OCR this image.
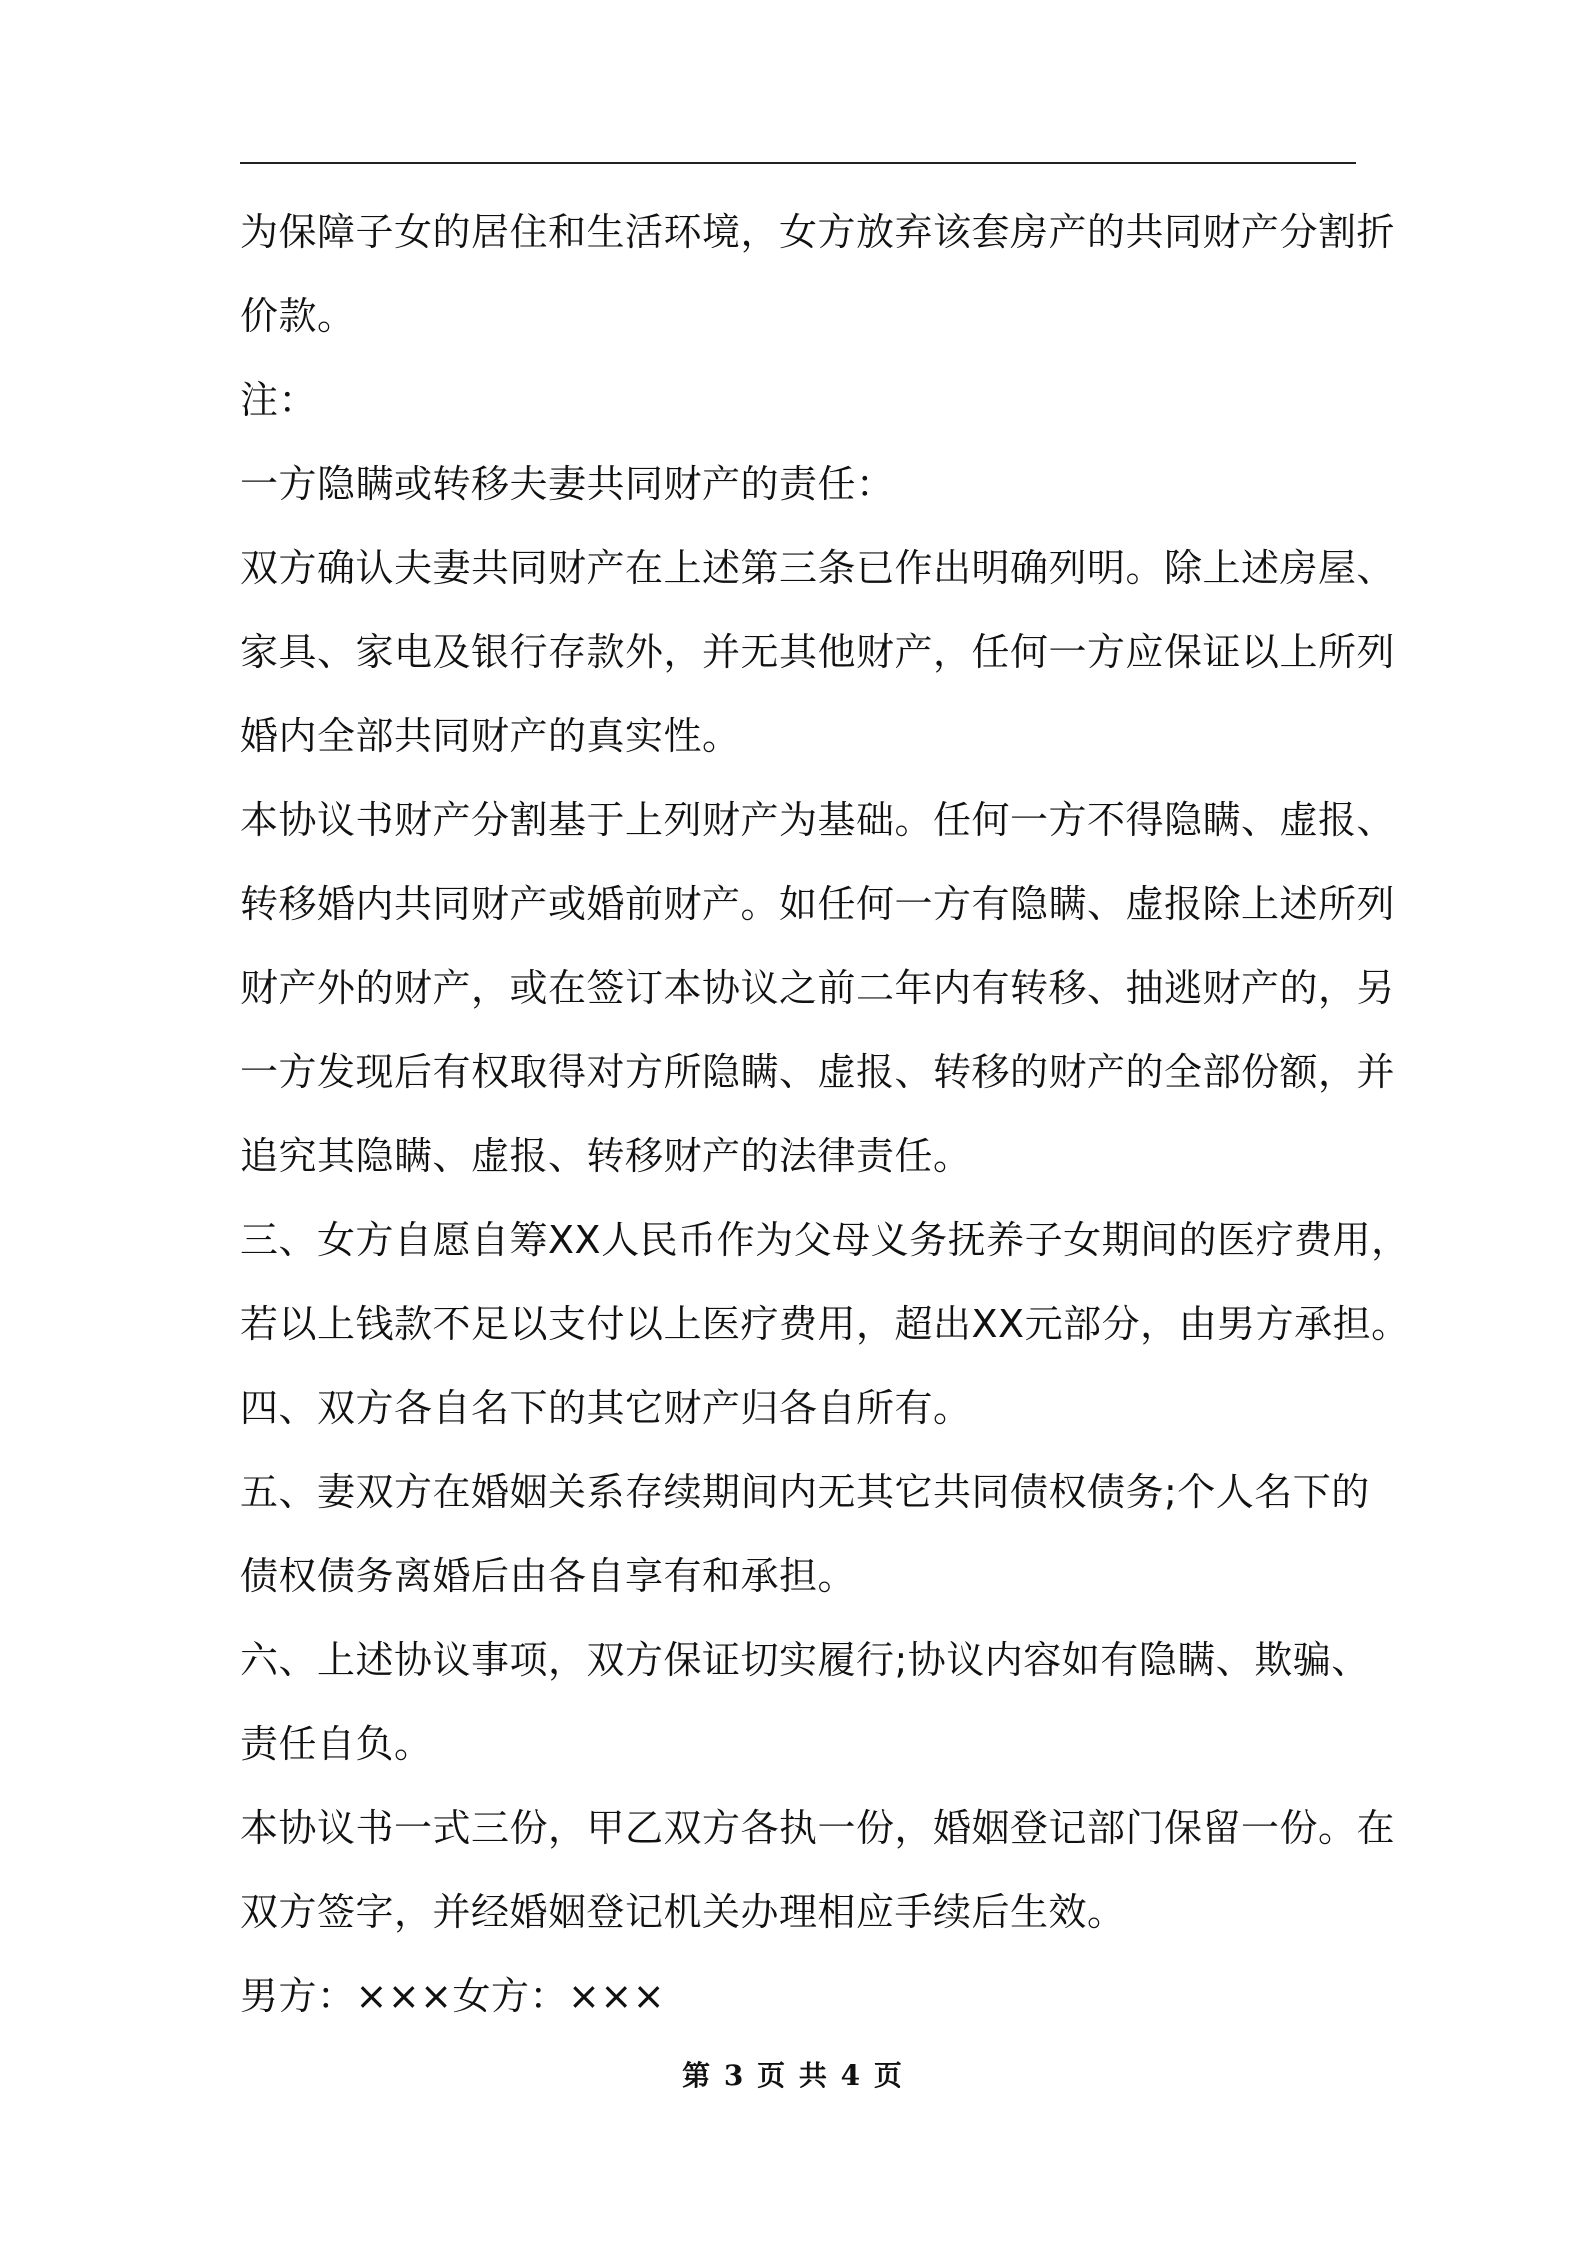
为保障子女的居住和生活环境，女方放弃该套房产的共同财产分割折
价款。
注：
一方隐瞒或转移夫妻共同财产的责任：
双方确认夫妻共同财产在上述第三条已作出明确列明。除上述房屋、
家具、家电及银行存款外，并无其他财产，任何一方应保证以上所列
婚内全部共同财产的真实性。
本协议书财产分割基于上列财产为基础。任何一方不得隐瞒、虚报、
转移婚内共同财产或婚前财产。如任何一方有隐瞒、虚报除上述所列
财产外的财产，或在签订本协议之前二年内有转移、抽逃财产的，另
一方发现后有权取得对方所隐瞒、虚报、转移的财产的全部份额，并
追究其隐瞒、虚报、转移财产的法律责任。
三、女方自愿自筹XX人民币作为父母义务抚养子女期间的医疗费用，
若以上钱款不足以支付以上医疗费用，超出XX元部分，由男方承担。
四、双方各自名下的其它财产归各自所有。
五、妻双方在婚姻关系存续期间内无其它共同债权债务;个人名下的
债权债务离婚后由各自享有和承担。
六、上述协议事项，双方保证切实履行;协议内容如有隐瞒、欺骗、
责任自负。
本协议书一式三份，甲乙双方各执一份，婚姻登记部门保留一份。在
双方签字，并经婚姻登记机关办理相应手续后生效。
男方：×××女方：×××
第 3 页 共 4 页
